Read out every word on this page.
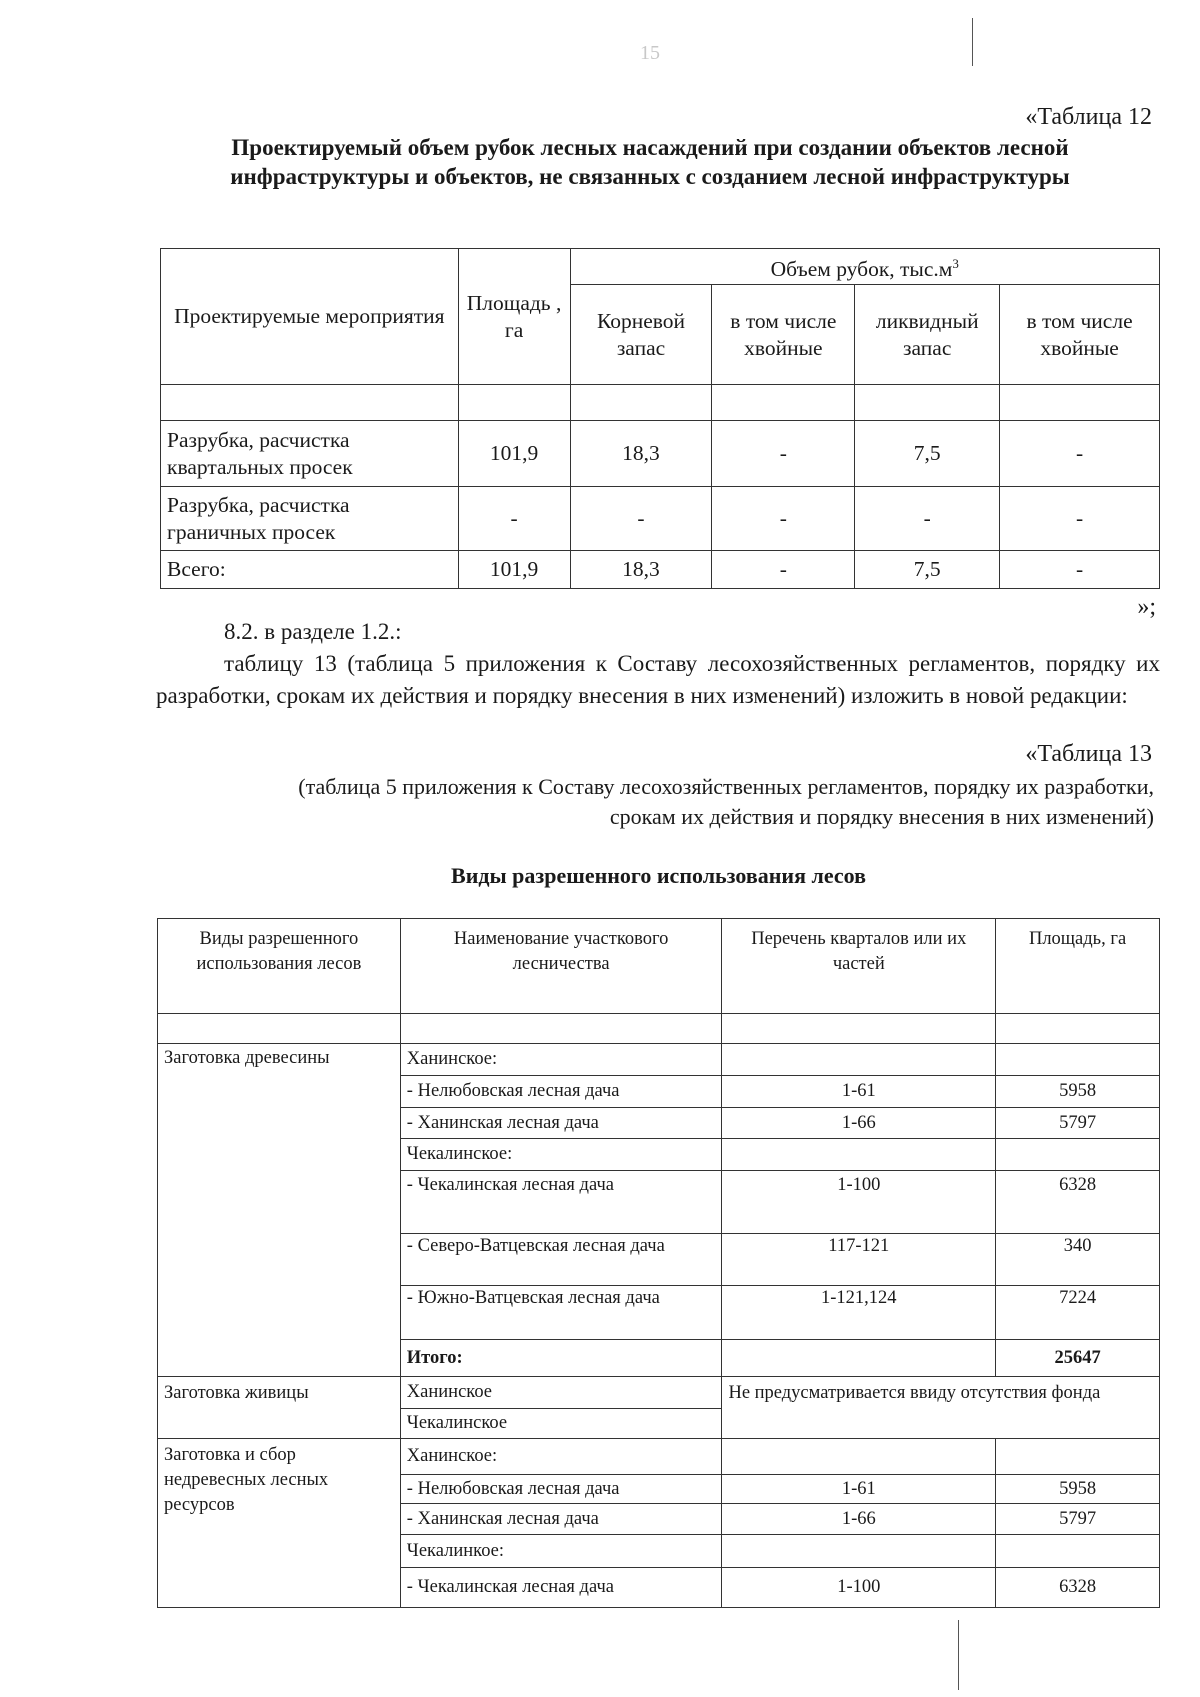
15
«Таблица 12
Проектируемый объем рубок лесных насаждений при создании объектов лесной инфраструктуры и объектов, не связанных с созданием лесной инфраструктуры
Проектируемые мероприятия	Площадь , га	Объем рубок, $тыс.м^3$
		Корневой запас	в том числе хвойные	ликвидный запас	в том числе хвойные

Разрубка, расчистка квартальных просек	101,9	18,3	-	7,5	-
Разрубка, расчистка граничных просек	-	-	-	-	-
Всего:	101,9	18,3	-	7,5	-
»;
8.2. в разделе 1.2.:
таблицу 13 (таблица 5 приложения к Составу лесохозяйственных регламентов, порядку их разработки, срокам их действия и порядку внесения в них изменений) изложить в новой редакции:
«Таблица 13
(таблица 5 приложения к Составу лесохозяйственных регламентов, порядку их разработки,
срокам их действия и порядку внесения в них изменений)
Виды разрешенного использования лесов
Виды разрешенного использования лесов	Наименование участкового лесничества	Перечень кварталов или их частей	Площадь, га

Заготовка древесины	Ханинское:		
	- Нелюбовская лесная дача	1-61	5958
	- Ханинская лесная дача	1-66	5797
	Чекалинское:		
	- Чекалинская лесная дача	1-100	6328
	- Северо-Ватцевская лесная дача	117-121	340
	- Южно-Ватцевская лесная дача	1-121,124	7224
	Итого:		25647
Заготовка живицы	Ханинское	Не предусматривается ввиду отсутствия фонда	
	Чекалинское		
Заготовка и сбор недревесных лесных ресурсов	Ханинское:		
	- Нелюбовская лесная дача	1-61	5958
	- Ханинская лесная дача	1-66	5797
	Чекалинкое:		
	- Чекалинская лесная дача	1-100	6328
